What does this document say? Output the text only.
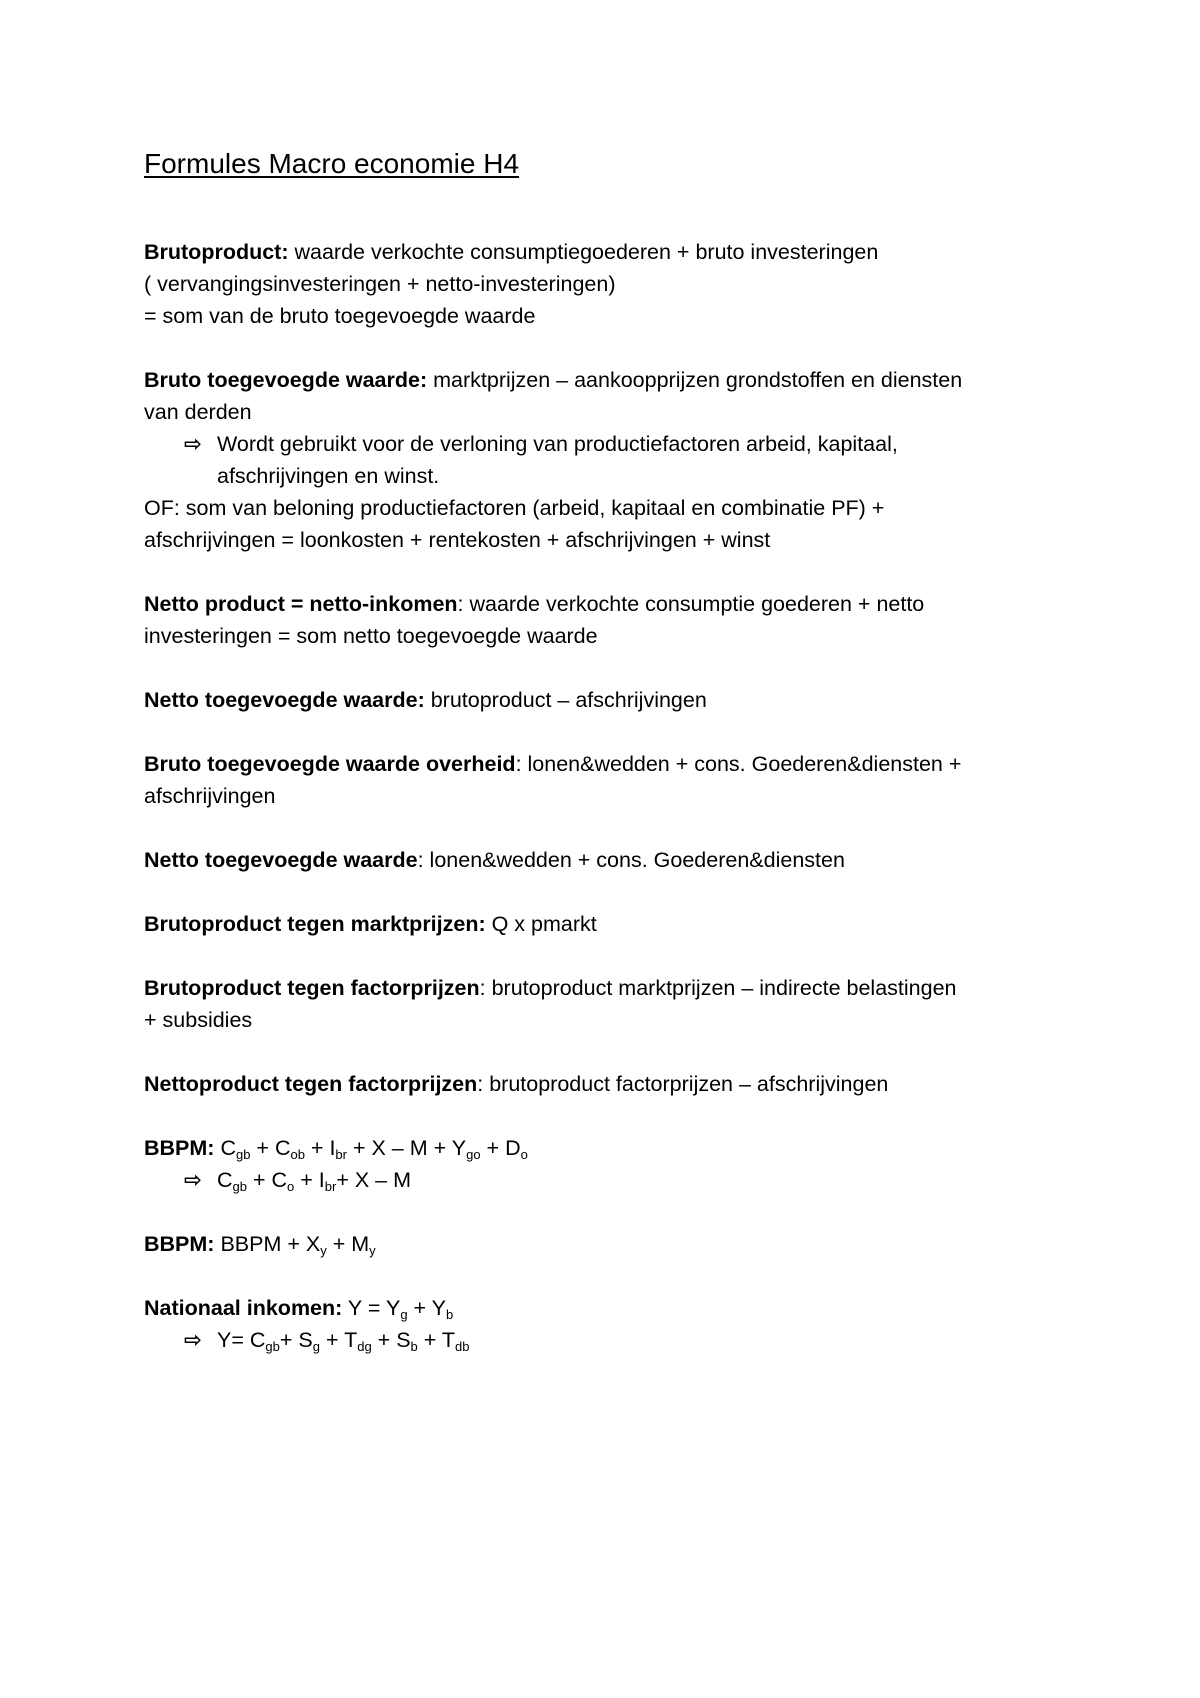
Formules Macro economie H4
Brutoproduct: waarde verkochte consumptiegoederen + bruto investeringen
( vervangingsinvesteringen + netto-investeringen)
= som van de bruto toegevoegde waarde
Bruto toegevoegde waarde: marktprijzen – aankoopprijzen grondstoffen en diensten
van derden
⇨ Wordt gebruikt voor de verloning van productiefactoren arbeid, kapitaal,
afschrijvingen en winst.
OF: som van beloning productiefactoren (arbeid, kapitaal en combinatie PF) +
afschrijvingen = loonkosten + rentekosten + afschrijvingen + winst
Netto product = netto-inkomen: waarde verkochte consumptie goederen + netto
investeringen = som netto toegevoegde waarde
Netto toegevoegde waarde: brutoproduct – afschrijvingen
Bruto toegevoegde waarde overheid: lonen&wedden + cons. Goederen&diensten +
afschrijvingen
Netto toegevoegde waarde: lonen&wedden + cons. Goederen&diensten
Brutoproduct tegen marktprijzen: Q x pmarkt
Brutoproduct tegen factorprijzen: brutoproduct marktprijzen – indirecte belastingen
+ subsidies
Nettoproduct tegen factorprijzen: brutoproduct factorprijzen – afschrijvingen
BBPM: $C_{gb} + C_{ob} + I_{br} + X - M + Y_{go} + D_o$
⇨ $C_{gb} + C_o + I_{br}+ X - M$
BBPM: BBPM + $X_y + M_y$
Nationaal inkomen: $Y = Y_g + Y_b$
⇨ $Y= C_{gb}+ S_g + T_{dg} + S_b + T_{db}$
